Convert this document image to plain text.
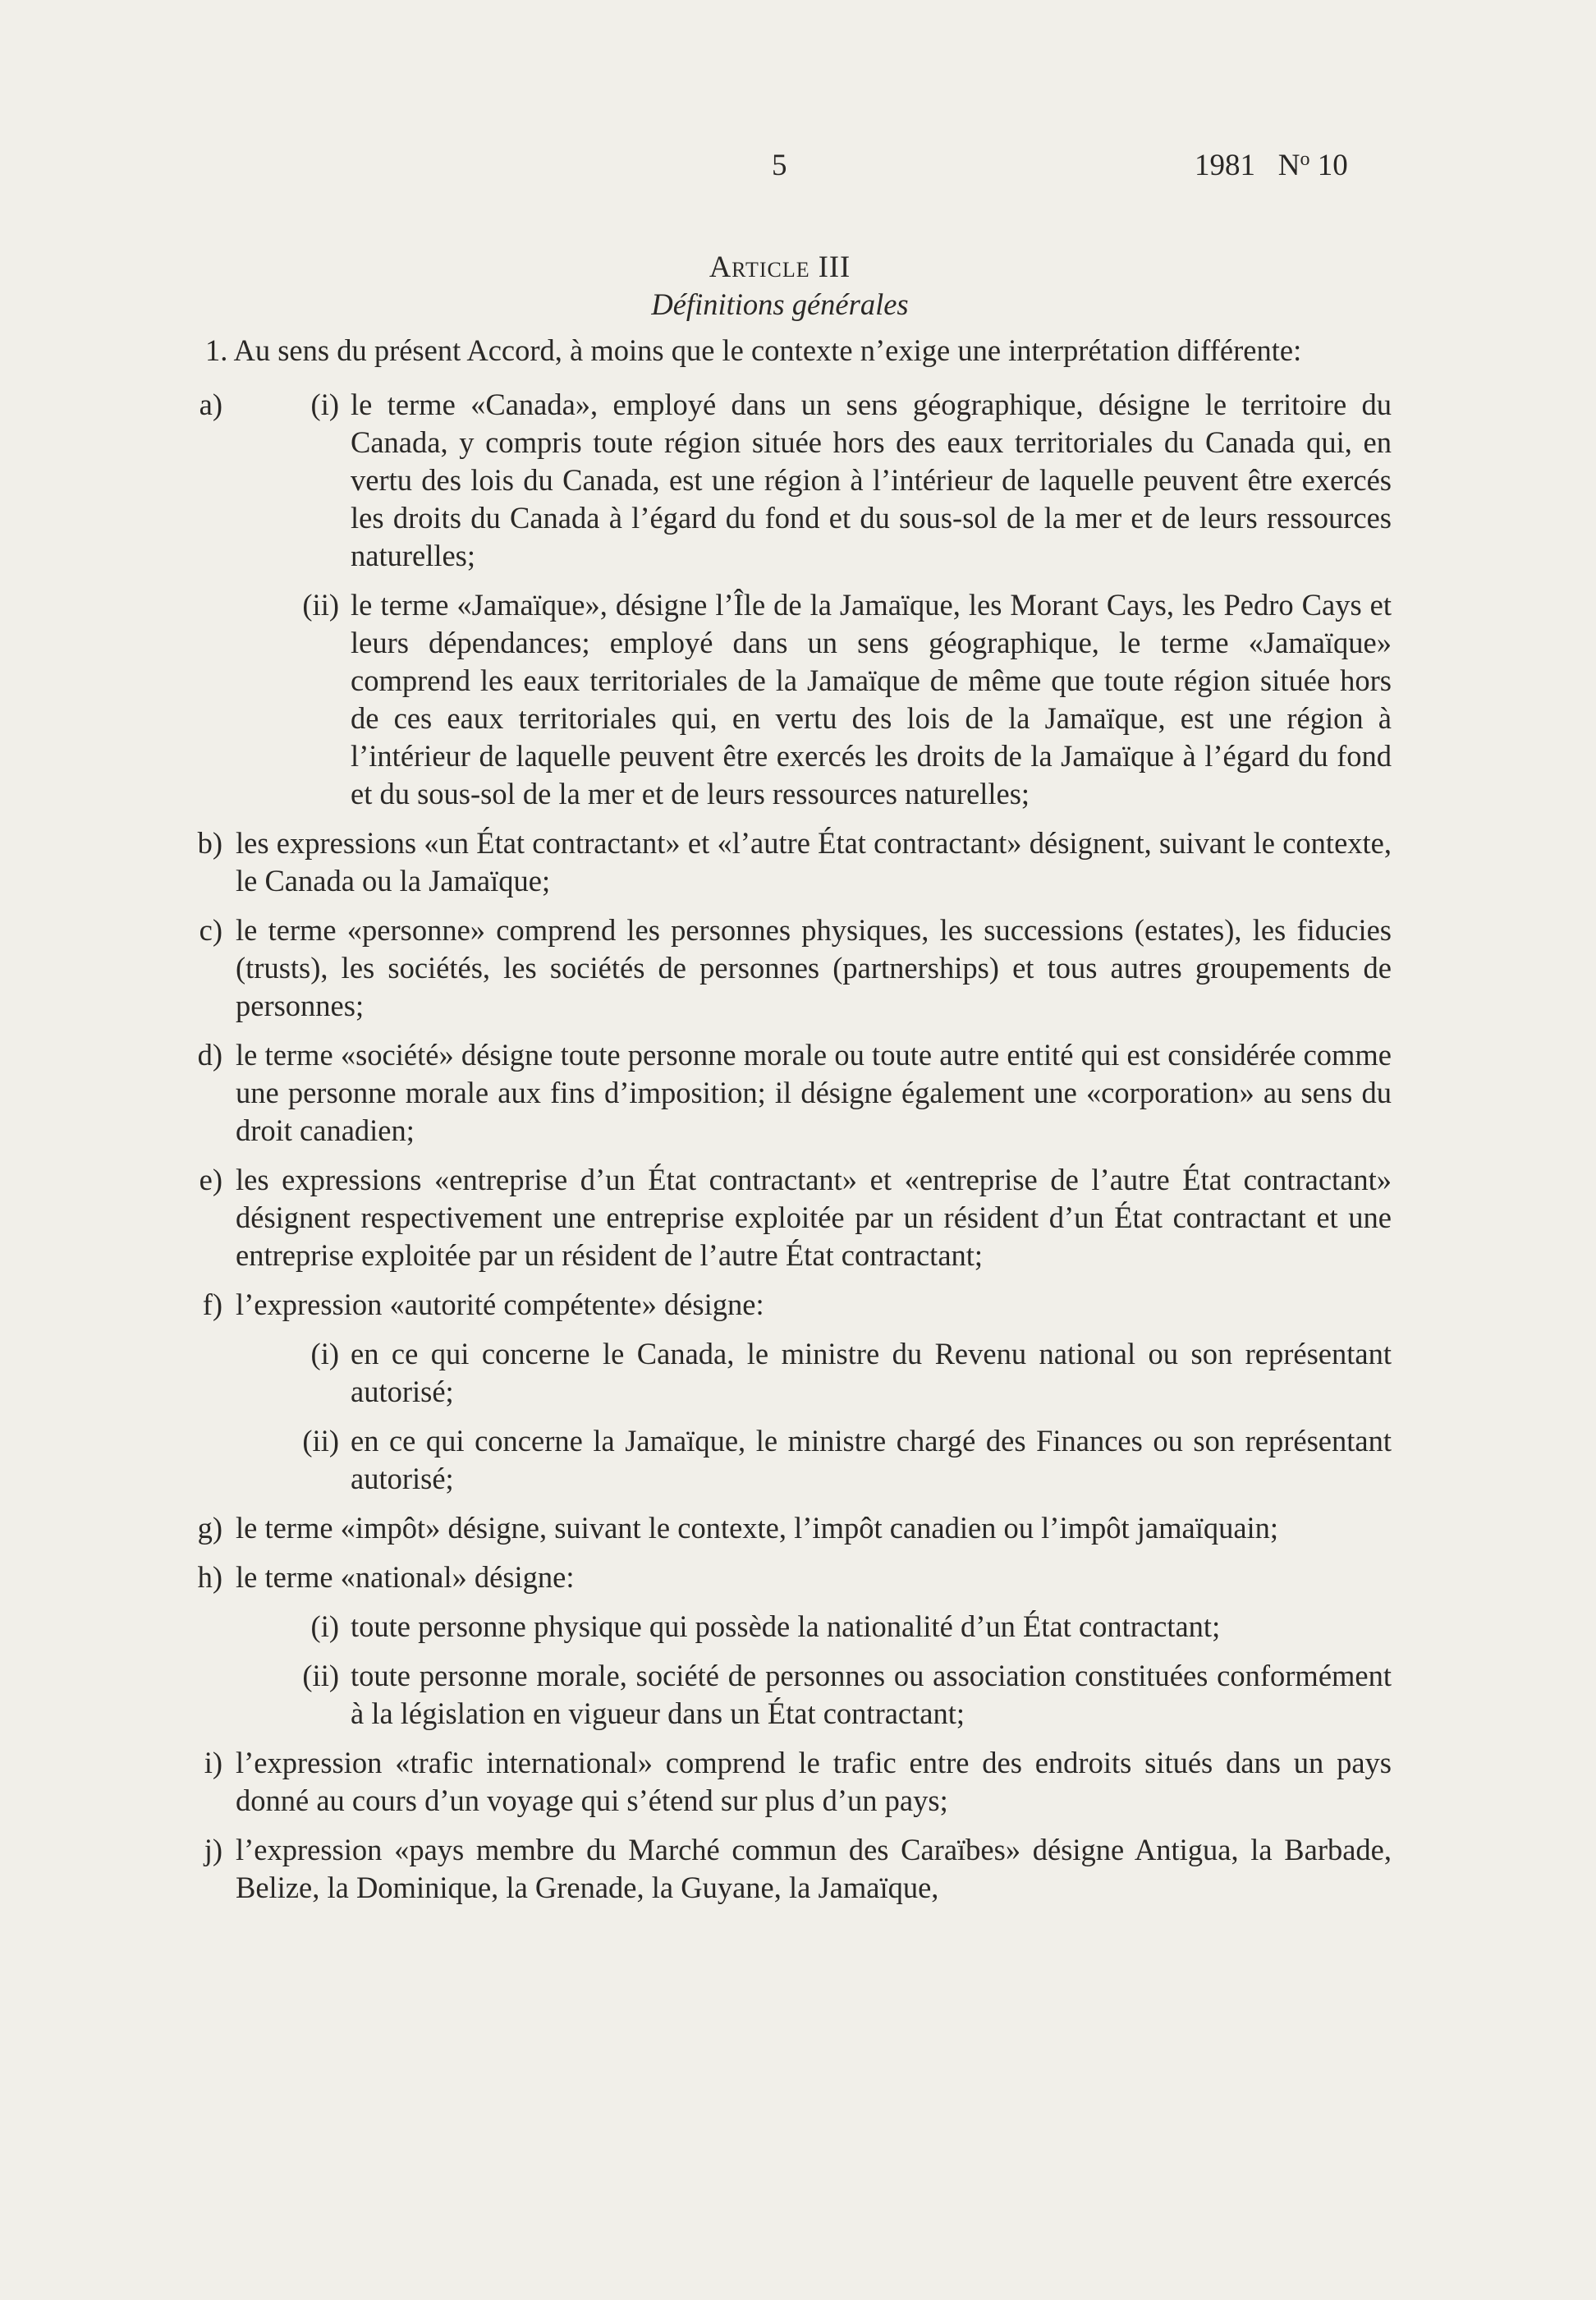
5	1981 $N^o$ 10

Article III

Définitions générales

1. Au sens du présent Accord, à moins que le contexte n’exige une interprétation différente:

a)	(i) le terme «Canada», employé dans un sens géographique, désigne le territoire du Canada, y compris toute région située hors des eaux territoriales du Canada qui, en vertu des lois du Canada, est une région à l’intérieur de laquelle peuvent être exercés les droits du Canada à l’égard du fond et du sous-sol de la mer et de leurs ressources naturelles;
(ii) le terme «Jamaïque», désigne l’Île de la Jamaïque, les Morant Cays, les Pedro Cays et leurs dépendances; employé dans un sens géographique, le terme «Jamaïque» comprend les eaux territoriales de la Jamaïque de même que toute région située hors de ces eaux territoriales qui, en vertu des lois de la Jamaïque, est une région à l’intérieur de laquelle peuvent être exercés les droits de la Jamaïque à l’égard du fond et du sous-sol de la mer et de leurs ressources naturelles;
b) les expressions «un État contractant» et «l’autre État contractant» désignent, suivant le contexte, le Canada ou la Jamaïque;
c) le terme «personne» comprend les personnes physiques, les successions (estates), les fiducies (trusts), les sociétés, les sociétés de personnes (partnerships) et tous autres groupements de personnes;
d) le terme «société» désigne toute personne morale ou toute autre entité qui est considérée comme une personne morale aux fins d’imposition; il désigne également une «corporation» au sens du droit canadien;
e) les expressions «entreprise d’un État contractant» et «entreprise de l’autre État contractant» désignent respectivement une entreprise exploitée par un résident d’un État contractant et une entreprise exploitée par un résident de l’autre État contractant;
f) l’expression «autorité compétente» désigne:
(i) en ce qui concerne le Canada, le ministre du Revenu national ou son représentant autorisé;
(ii) en ce qui concerne la Jamaïque, le ministre chargé des Finances ou son représentant autorisé;
g) le terme «impôt» désigne, suivant le contexte, l’impôt canadien ou l’impôt jamaïquain;
h) le terme «national» désigne:
(i) toute personne physique qui possède la nationalité d’un État contractant;
(ii) toute personne morale, société de personnes ou association constituées conformément à la législation en vigueur dans un État contractant;
i) l’expression «trafic international» comprend le trafic entre des endroits situés dans un pays donné au cours d’un voyage qui s’étend sur plus d’un pays;
j) l’expression «pays membre du Marché commun des Caraïbes» désigne Antigua, la Barbade, Belize, la Dominique, la Grenade, la Guyane, la Jamaïque,
